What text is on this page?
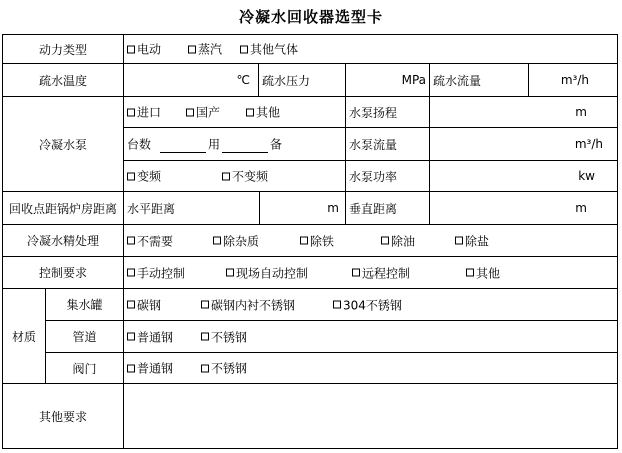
冷凝水回收器选型卡
动力类型	电动	蒸汽 其他气体
疏水温度	℃ 疏水压力	MPa 疏水流量	m³/h
冷凝水泵
进口	国产	其他	水泵扬程	m
台数	用	备	水泵流量	m³/h
变频	不变频	水泵功率	kw
回收点距锅炉房距离 水平距离	m 垂直距离	m
冷凝水精处理	不需要	除杂质	除铁	除油	除盐
控制要求	手动控制	现场自动控制	远程控制	其他
材质
集水罐	碳钢	碳钢内衬不锈钢	304不锈钢
管道	普通钢	不锈钢
阀门	普通钢	不锈钢
其他要求
